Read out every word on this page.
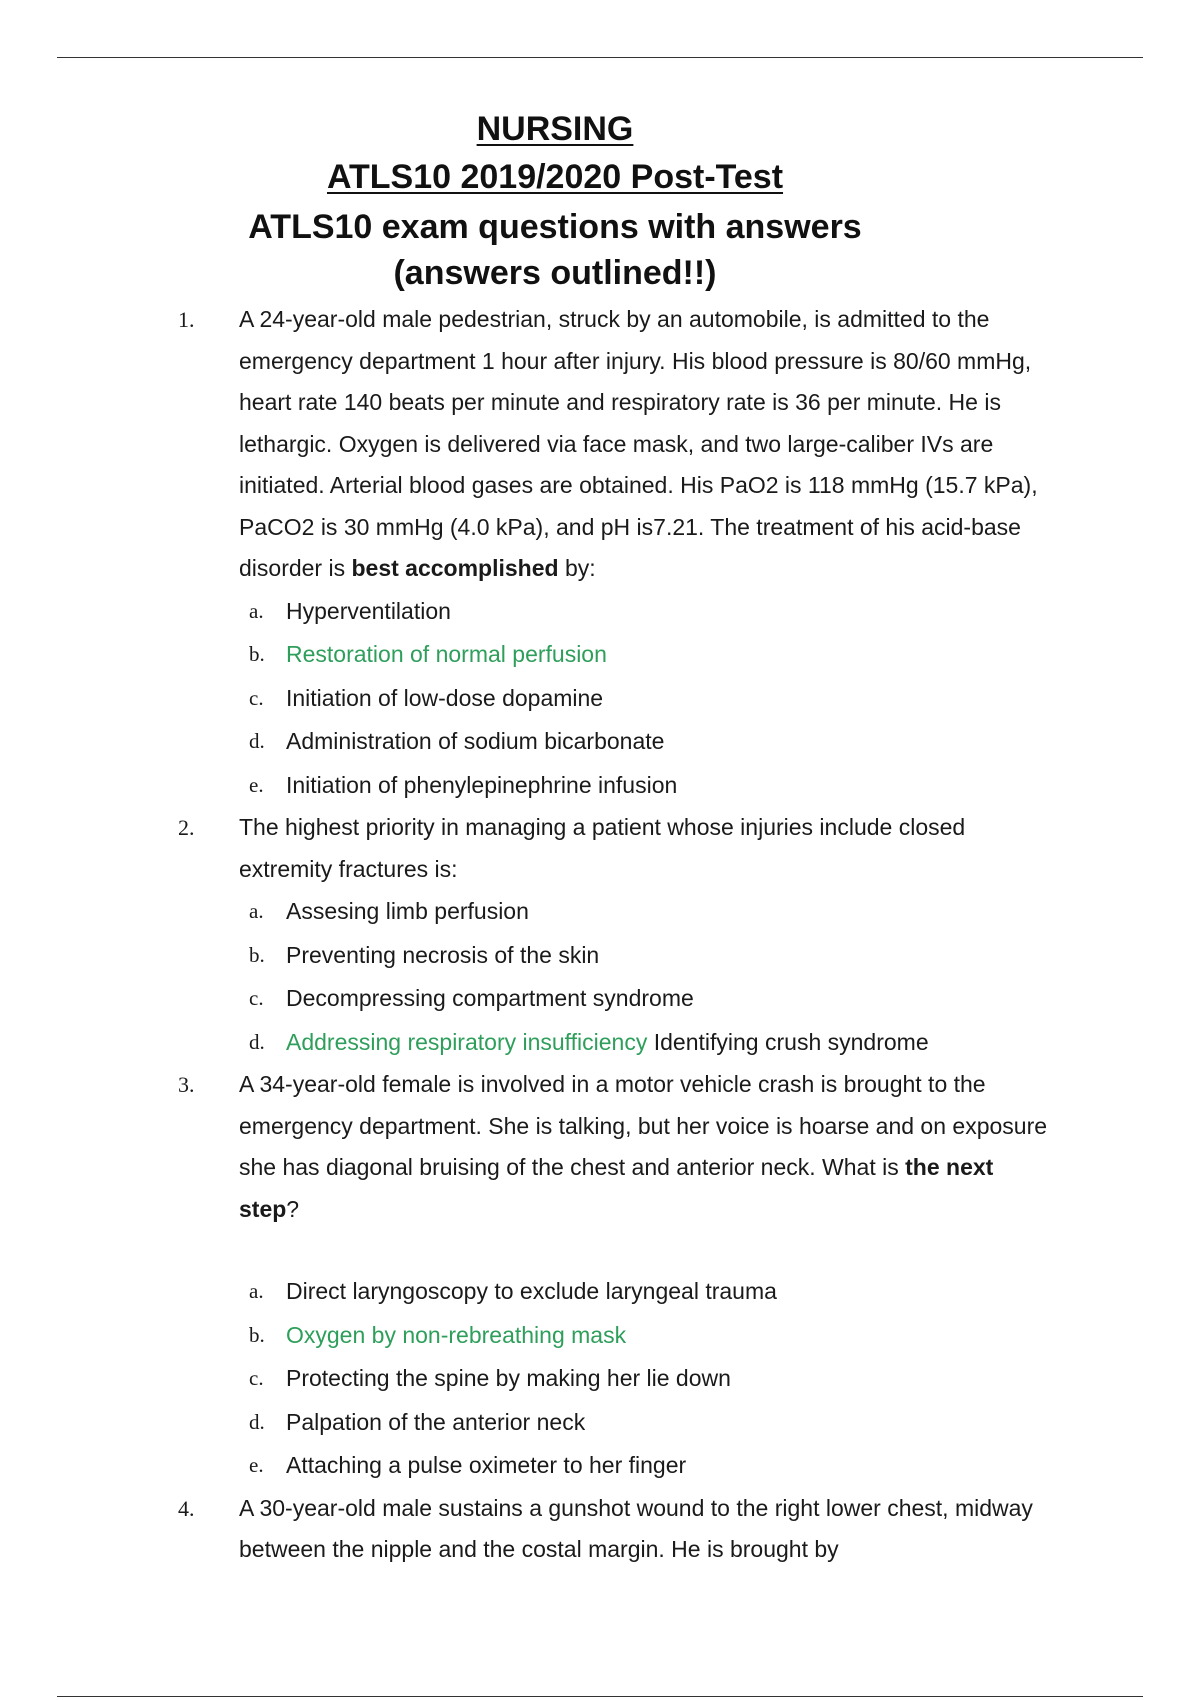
NURSING
ATLS10 2019/2020 Post-Test
ATLS10 exam questions with answers
(answers outlined!!)
1.	A 24-year-old male pedestrian, struck by an automobile, is admitted to the emergency department 1 hour after injury. His blood pressure is 80/60 mmHg, heart rate 140 beats per minute and respiratory rate is 36 per minute. He is lethargic. Oxygen is delivered via face mask, and two large-caliber IVs are initiated. Arterial blood gases are obtained. His PaO2 is 118 mmHg (15.7 kPa), PaCO2 is 30 mmHg (4.0 kPa), and pH is7.21. The treatment of his acid-base disorder is best accomplished by:
a. Hyperventilation
b. Restoration of normal perfusion
c. Initiation of low-dose dopamine
d. Administration of sodium bicarbonate
e. Initiation of phenylepinephrine infusion
2.	The highest priority in managing a patient whose injuries include closed extremity fractures is:
a. Assesing limb perfusion
b. Preventing necrosis of the skin
c. Decompressing compartment syndrome
d. Addressing respiratory insufficiency Identifying crush syndrome
3.	A 34-year-old female is involved in a motor vehicle crash is brought to the emergency department. She is talking, but her voice is hoarse and on exposure she has diagonal bruising of the chest and anterior neck. What is the next step?
a. Direct laryngoscopy to exclude laryngeal trauma
b. Oxygen by non-rebreathing mask
c. Protecting the spine by making her lie down
d. Palpation of the anterior neck
e. Attaching a pulse oximeter to her finger
4.	A 30-year-old male sustains a gunshot wound to the right lower chest, midway between the nipple and the costal margin. He is brought by
